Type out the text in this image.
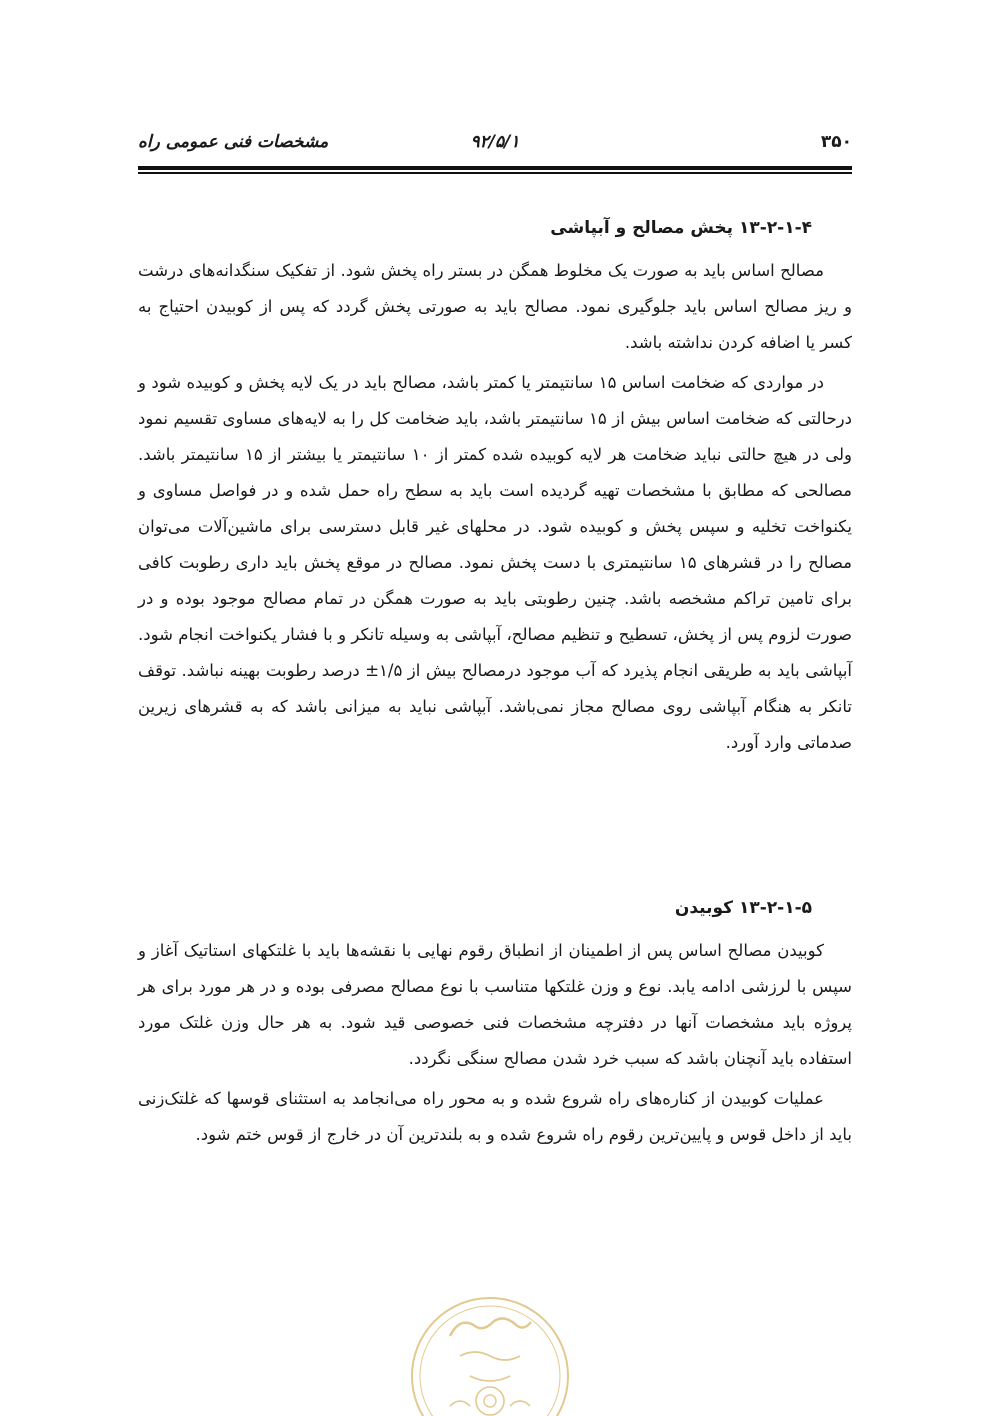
۳۵۰
۹۲/۵/۱
مشخصات فنی عمومی راه

۱۳-۲-۱-۴ پخش مصالح و آبپاشی

مصالح اساس باید به صورت یک مخلوط همگن در بستر راه پخش شود. از تفکیک سنگدانه‌های درشت و ریز مصالح اساس باید جلوگیری نمود. مصالح باید به صورتی پخش گردد که پس از کوبیدن احتیاج به کسر یا اضافه کردن نداشته باشد.

در مواردی که ضخامت اساس ۱۵ سانتیمتر یا کمتر باشد، مصالح باید در یک لایه پخش و کوبیده شود و درحالتی که ضخامت اساس بیش از ۱۵ سانتیمتر باشد، باید ضخامت کل را به لایه‌های مساوی تقسیم نمود ولی در هیچ حالتی نباید ضخامت هر لایه کوبیده شده کمتر از ۱۰ سانتیمتر یا بیشتر از ۱۵ سانتیمتر باشد. مصالحی که مطابق با مشخصات تهیه گردیده است باید به سطح راه حمل شده و در فواصل مساوی و یکنواخت تخلیه و سپس پخش و کوبیده شود. در محلهای غیر قابل دسترسی برای ماشین‌آلات می‌توان مصالح را در قشرهای ۱۵ سانتیمتری با دست پخش نمود. مصالح در موقع پخش باید داری رطوبت کافی برای تامین تراکم مشخصه باشد. چنین رطوبتی باید به صورت همگن در تمام مصالح موجود بوده و در صورت لزوم پس از پخش، تسطیح و تنظیم مصالح، آبپاشی به وسیله تانکر و با فشار یکنواخت انجام شود. آبپاشی باید به طریقی انجام پذیرد که آب موجود درمصالح بیش از ۱/۵± درصد رطوبت بهینه نباشد. توقف تانکر به هنگام آبپاشی روی مصالح مجاز نمی‌باشد. آبپاشی نباید به میزانی باشد که به قشرهای زیرین صدماتی وارد آورد.

۱۳-۲-۱-۵ کوبیدن

کوبیدن مصالح اساس پس از اطمینان از انطباق رقوم نهایی با نقشه‌ها باید با غلتکهای استاتیک آغاز و سپس با لرزشی ادامه یابد. نوع و وزن غلتکها متناسب با نوع مصالح مصرفی بوده و در هر مورد برای هر پروژه باید مشخصات آنها در دفترچه مشخصات فنی خصوصی قید شود. به هر حال وزن غلتک مورد استفاده باید آنچنان باشد که سبب خرد شدن مصالح سنگی نگردد.

عملیات کوبیدن از کناره‌های راه شروع شده و به محور راه می‌انجامد به استثنای قوسها که غلتک‌زنی باید از داخل قوس و پایین‌ترین رقوم راه شروع شده و به بلندترین آن در خارج از قوس ختم شود.
